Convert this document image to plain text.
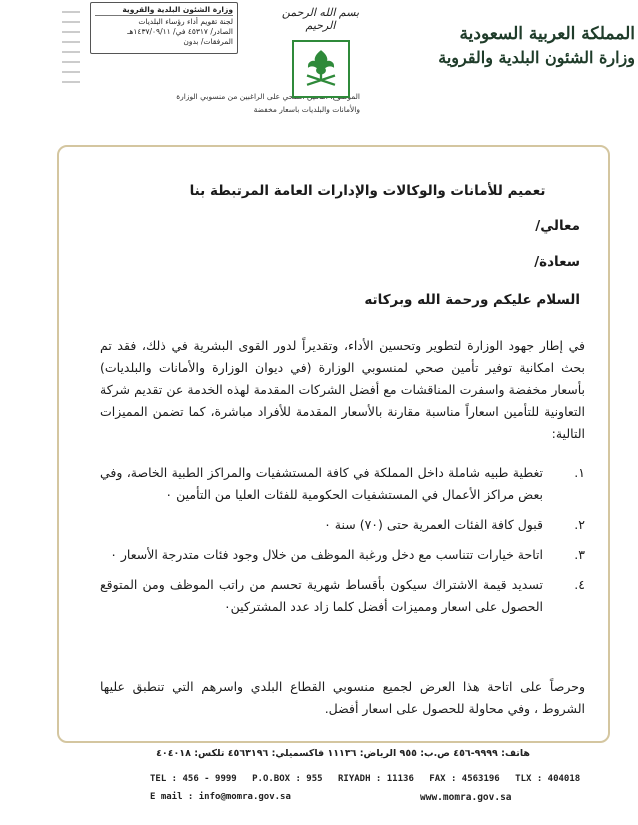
وزارة الشئون البلدية والقروية
لجنة تقويم أداء رؤساء البلديات
الصادر/ ٤٥٣١٧ في/ ١٤٣٧/٠٩/١١هـ
المرفقات/ بدون
الموضوع: التامين الصحي على الراغبين من منسوبي الوزارة
والأمانات والبلديات باسعار مخفضة
بسم الله الرحمن الرحيم	المملكة العربية السعودية
وزارة الشئون البلدية والقروية
تعميم للأمانات والوكالات والإدارات العامة المرتبطة بنا
معالي/
سعادة/
السلام عليكم ورحمة الله وبركاته
في إطار جهود الوزارة لتطوير وتحسين الأداء، وتقديراً لدور القوى البشرية في ذلك، فقد تم بحث امكانية توفير تأمين صحي لمنسوبي الوزارة (في ديوان الوزارة والأمانات والبلديات) بأسعار مخفضة واسفرت المناقشات مع أفضل الشركات المقدمة لهذه الخدمة عن تقديم شركة التعاونية للتأمين اسعاراً مناسبة مقارنة بالأسعار المقدمة للأفراد مباشرة، كما تضمن المميزات التالية:
١.
تغطية طبيه شاملة داخل المملكة في كافة المستشفيات والمراكز الطبية الخاصة، وفي بعض مراكز الأعمال في المستشفيات الحكومية للفئات العليا من التأمين ٠
٢.
قبول كافة الفئات العمرية حتى (٧٠) سنة ٠
٣.
اتاحة خيارات تتناسب مع دخل ورغبة الموظف من خلال وجود فئات متدرجة الأسعار ٠
٤.
تسديد قيمة الاشتراك سيكون بأقساط شهرية تحسم من راتب الموظف ومن المتوقع الحصول على اسعار ومميزات أفضل كلما زاد عدد المشتركين٠
وحرصاً على اتاحة هذا العرض لجميع منسوبي القطاع البلدي واسرهم التي تنطبق عليها الشروط ، وفي محاولة للحصول على اسعار أفضل.
هاتف: ٩٩٩٩-٤٥٦ ص.ب: ٩٥٥ الرياض: ١١١٣٦ فاكسميلي: ٤٥٦٣١٩٦ تلكس: ٤٠٤٠١٨
TEL : 456 - 9999 P.O.BOX : 955 RIYADH : 11136 FAX : 4563196 TLX : 404018
E mail : info@momra.gov.sa	www.momra.gov.sa
